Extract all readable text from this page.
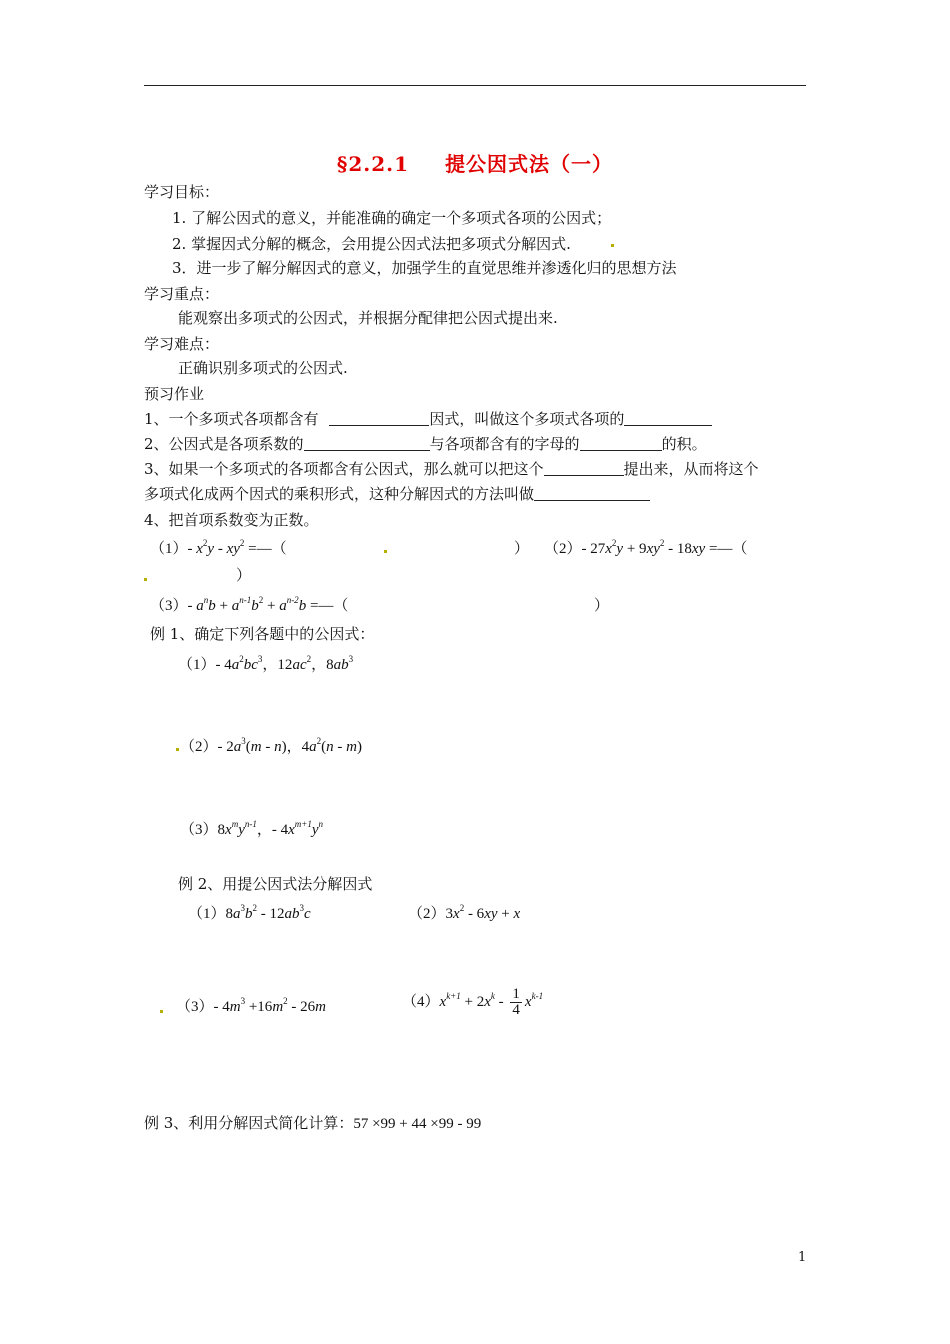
§2.2.1 提公因式法（一）
学习目标：
1. 了解公因式的意义，并能准确的确定一个多项式各项的公因式；
2. 掌握因式分解的概念，会用提公因式法把多项式分解因式.
3．进一步了解分解因式的意义，加强学生的直觉思维并渗透化归的思想方法
学习重点：
能观察出多项式的公因式，并根据分配律把公因式提出来.
学习难点：
正确识别多项式的公因式.
预习作业
1、一个多项式各项都含有	因式，叫做这个多项式各项的
2、公因式是各项系数的	与各项都含有的字母的	的积。
3、如果一个多项式的各项都含有公因式，那么就可以把这个	提出来，从而将这个
多项式化成两个因式的乘积形式，这种分解因式的方法叫做
4、把首项系数变为正数。
（1）- $x^2y - xy^2$ =—（	） （2）- $27x^2y + 9xy^2 - 18xy$ =—（
）
（3）- $a^nb + a^{n-1}b^2 + a^{n-2}b$ =—（	）
例 1、确定下列各题中的公因式：
（1）- $4a^2bc^3$，$12ac^2$，$8ab^3$
（2）- $2a^3(m - n)$，$4a^2(n - m)$
$(3)8x^my^{n-1}$，- $4x^{m+1}y^n$
例 2、用提公因式法分解因式
$(1)8a^3b^2 - 12ab^3c$	$(2)3x^2 - 6xy + x$
（3）- $4m^3 +16m^2 - 26m$	$(4)x^{k+1} + 2x^k - \frac{1}{4} x^{k-1}$
例 3、利用分解因式简化计算：57 ×99 + 44 ×99 - 99
1
